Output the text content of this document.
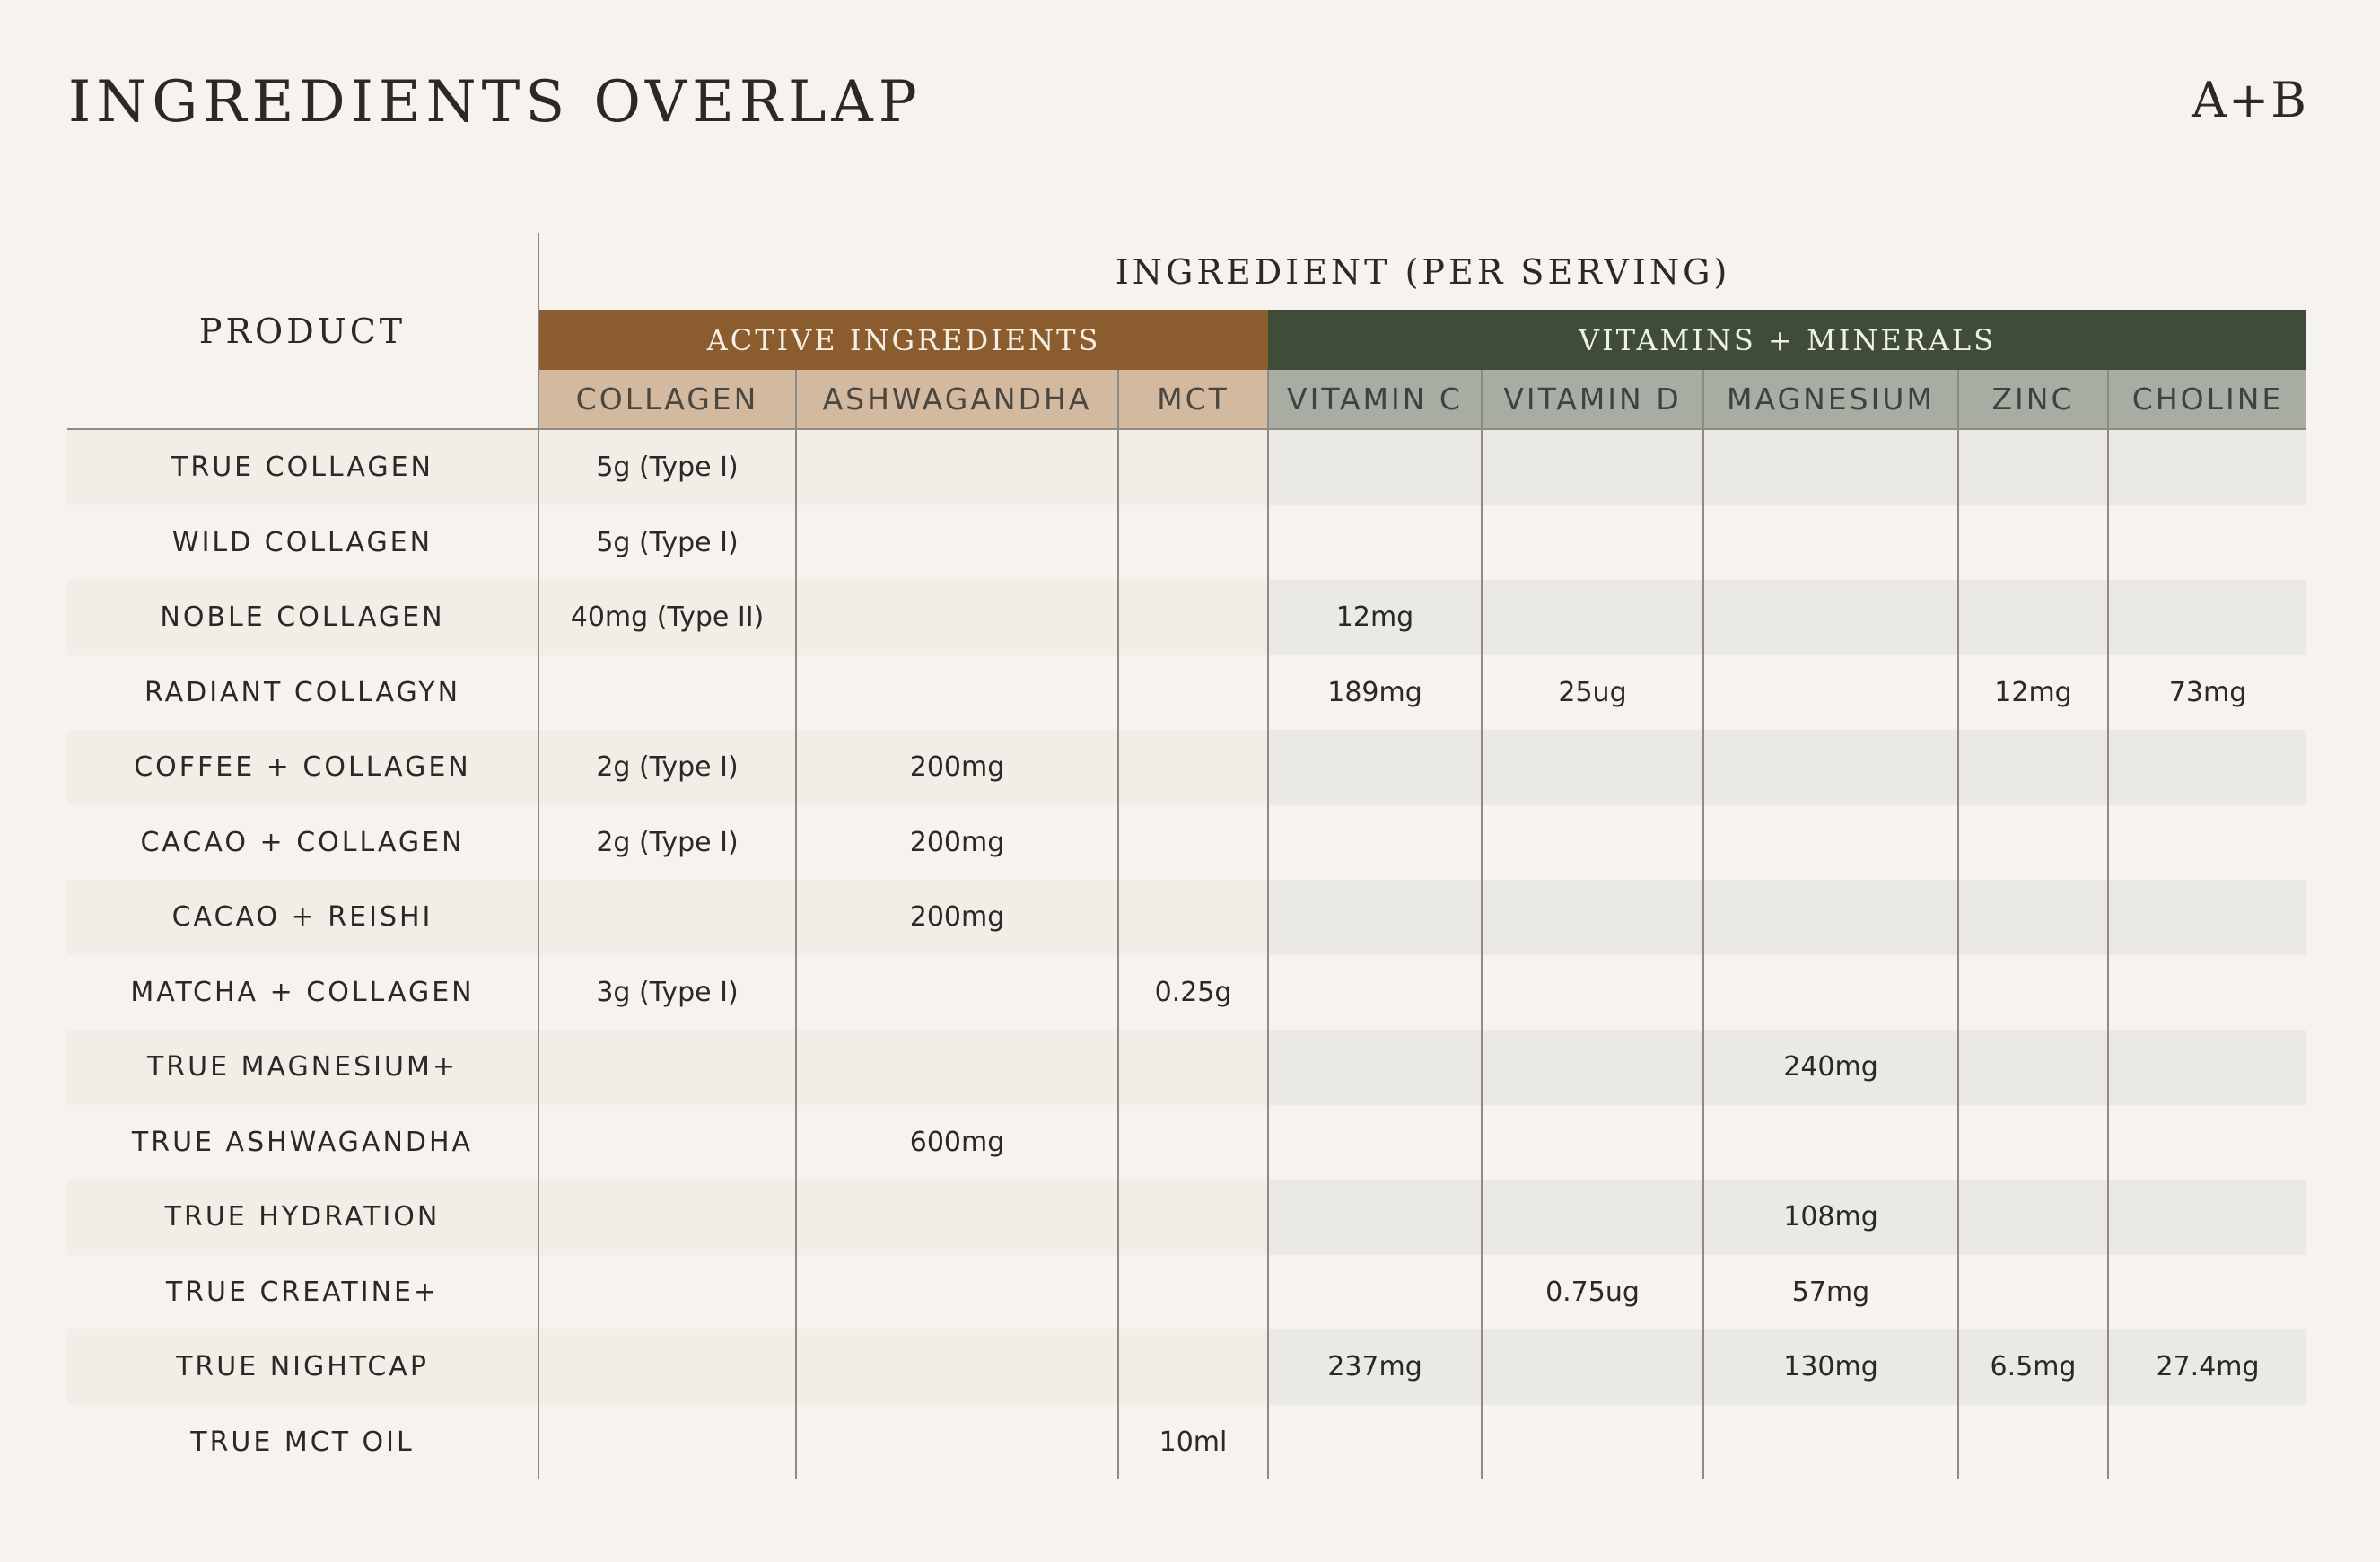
INGREDIENTS OVERLAP	A+B
PRODUCT	INGREDIENT (PER SERVING)							
	ACTIVE INGREDIENTS			VITAMINS + MINERALS				
	COLLAGEN	ASHWAGANDHA	MCT	VITAMIN C	VITAMIN D	MAGNESIUM	ZINC	CHOLINE
TRUE COLLAGEN	5g (Type I)							
WILD COLLAGEN	5g (Type I)							
NOBLE COLLAGEN	40mg (Type II)			12mg				
RADIANT COLLAGYN				189mg	25ug		12mg	73mg
COFFEE + COLLAGEN	2g (Type I)	200mg						
CACAO + COLLAGEN	2g (Type I)	200mg						
CACAO + REISHI		200mg						
MATCHA + COLLAGEN	3g (Type I)		0.25g					
TRUE MAGNESIUM+						240mg		
TRUE ASHWAGANDHA		600mg						
TRUE HYDRATION						108mg		
TRUE CREATINE+					0.75ug	57mg		
TRUE NIGHTCAP				237mg		130mg	6.5mg	27.4mg
TRUE MCT OIL			10ml					
